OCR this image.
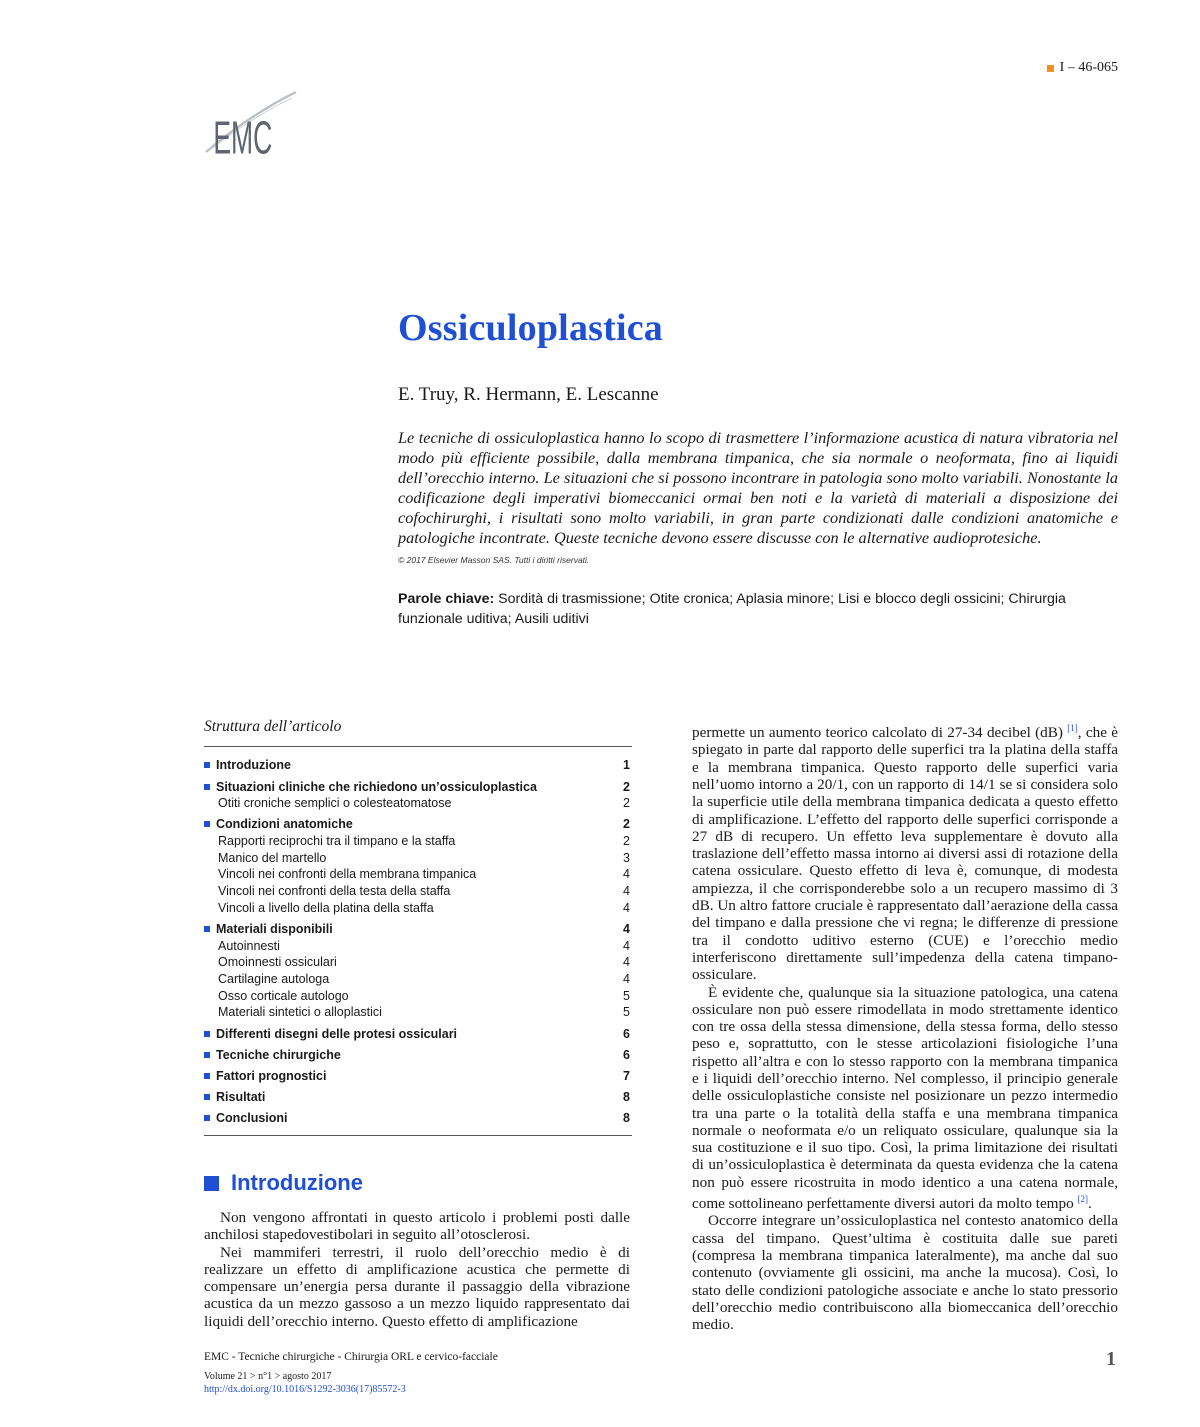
I – 46-065
EMC
Ossiculoplastica
E. Truy, R. Hermann, E. Lescanne

Le tecniche di ossiculoplastica hanno lo scopo di trasmettere l’informazione acustica di natura vibratoria nel modo più efficiente possibile, dalla membrana timpanica, che sia normale o neoformata, fino ai liquidi dell’orecchio interno. Le situazioni che si possono incontrare in patologia sono molto variabili. Nonostante la codificazione degli imperativi biomeccanici ormai ben noti e la varietà di materiali a disposizione dei cofochirurghi, i risultati sono molto variabili, in gran parte condizionati dalle condizioni anatomiche e patologiche incontrate. Queste tecniche devono essere discusse con le alternative audioprotesiche.

© 2017 Elsevier Masson SAS. Tutti i diritti riservati.

Parole chiave: Sordità di trasmissione; Otite cronica; Aplasia minore; Lisi e blocco degli ossicini; Chirurgia funzionale uditiva; Ausili uditivi

Struttura dell’articolo
Introduzione	1
Situazioni cliniche che richiedono un’ossiculoplastica	2
Otiti croniche semplici o colesteatomatose	2
Condizioni anatomiche	2
Rapporti reciprochi tra il timpano e la staffa	2
Manico del martello	3
Vincoli nei confronti della membrana timpanica	4
Vincoli nei confronti della testa della staffa	4
Vincoli a livello della platina della staffa	4
Materiali disponibili	4
Autoinnesti	4
Omoinnesti ossiculari	4
Cartilagine autologa	4
Osso corticale autologo	5
Materiali sintetici o alloplastici	5
Differenti disegni delle protesi ossiculari	6
Tecniche chirurgiche	6
Fattori prognostici	7
Risultati	8
Conclusioni	8
Introduzione

Non vengono affrontati in questo articolo i problemi posti dalle anchilosi stapedovestibolari in seguito all’otosclerosi.

Nei mammiferi terrestri, il ruolo dell’orecchio medio è di realizzare un effetto di amplificazione acustica che permette di compensare un’energia persa durante il passaggio della vibrazione acustica da un mezzo gassoso a un mezzo liquido rappresentato dai liquidi dell’orecchio interno. Questo effetto di amplificazione

permette un aumento teorico calcolato di 27-34 decibel (dB) [1], che è spiegato in parte dal rapporto delle superfici tra la platina della staffa e la membrana timpanica. Questo rapporto delle superfici varia nell’uomo intorno a 20/1, con un rapporto di 14/1 se si considera solo la superficie utile della membrana timpanica dedicata a questo effetto di amplificazione. L’effetto del rapporto delle superfici corrisponde a 27 dB di recupero. Un effetto leva supplementare è dovuto alla traslazione dell’effetto massa intorno ai diversi assi di rotazione della catena ossiculare. Questo effetto di leva è, comunque, di modesta ampiezza, il che corrisponderebbe solo a un recupero massimo di 3 dB. Un altro fattore cruciale è rappresentato dall’aerazione della cassa del timpano e dalla pressione che vi regna; le differenze di pressione tra il condotto uditivo esterno (CUE) e l’orecchio medio interferiscono direttamente sull’impedenza della catena timpano-ossiculare.

È evidente che, qualunque sia la situazione patologica, una catena ossiculare non può essere rimodellata in modo strettamente identico con tre ossa della stessa dimensione, della stessa forma, dello stesso peso e, soprattutto, con le stesse articolazioni fisiologiche l’una rispetto all’altra e con lo stesso rapporto con la membrana timpanica e i liquidi dell’orecchio interno. Nel complesso, il principio generale delle ossiculoplastiche consiste nel posizionare un pezzo intermedio tra una parte o la totalità della staffa e una membrana timpanica normale o neoformata e/o un reliquato ossiculare, qualunque sia la sua costituzione e il suo tipo. Così, la prima limitazione dei risultati di un’ossiculoplastica è determinata da questa evidenza che la catena non può essere ricostruita in modo identico a una catena normale, come sottolineano perfettamente diversi autori da molto tempo [2].

Occorre integrare un’ossiculoplastica nel contesto anatomico della cassa del timpano. Quest’ultima è costituita dalle sue pareti (compresa la membrana timpanica lateralmente), ma anche dal suo contenuto (ovviamente gli ossicini, ma anche la mucosa). Così, lo stato delle condizioni patologiche associate e anche lo stato pressorio dell’orecchio medio contribuiscono alla biomeccanica dell’orecchio medio.

EMC - Tecniche chirurgiche - Chirurgia ORL e cervico-facciale
Volume 21 > n°1 > agosto 2017
http://dx.doi.org/10.1016/S1292-3036(17)85572-3
1
